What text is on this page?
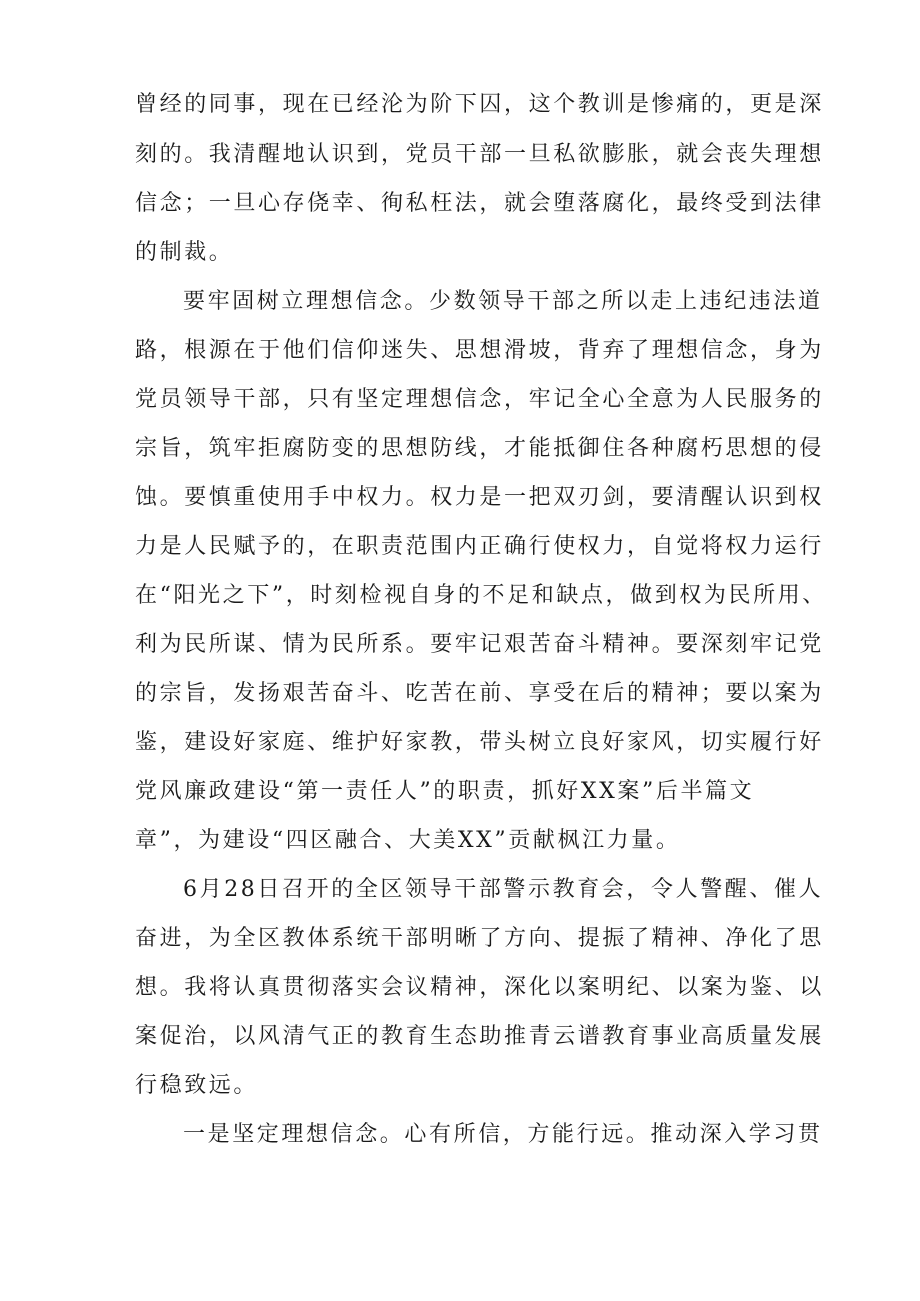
曾经的同事，现在已经沦为阶下囚，这个教训是惨痛的，更是深
刻的。我清醒地认识到，党员干部一旦私欲膨胀，就会丧失理想
信念；一旦心存侥幸、徇私枉法，就会堕落腐化，最终受到法律
的制裁。
要牢固树立理想信念。少数领导干部之所以走上违纪违法道
路，根源在于他们信仰迷失、思想滑坡，背弃了理想信念，身为
党员领导干部，只有坚定理想信念，牢记全心全意为人民服务的
宗旨，筑牢拒腐防变的思想防线，才能抵御住各种腐朽思想的侵
蚀。要慎重使用手中权力。权力是一把双刃剑，要清醒认识到权
力是人民赋予的，在职责范围内正确行使权力，自觉将权力运行
在“阳光之下”，时刻检视自身的不足和缺点，做到权为民所用、
利为民所谋、情为民所系。要牢记艰苦奋斗精神。要深刻牢记党
的宗旨，发扬艰苦奋斗、吃苦在前、享受在后的精神；要以案为
鉴，建设好家庭、维护好家教，带头树立良好家风，切实履行好
党风廉政建设“第一责任人”的职责，抓好XX案”后半篇文
章”，为建设“四区融合、大美XX”贡献枫江力量。
6月28日召开的全区领导干部警示教育会，令人警醒、催人
奋进，为全区教体系统干部明晰了方向、提振了精神、净化了思
想。我将认真贯彻落实会议精神，深化以案明纪、以案为鉴、以
案促治，以风清气正的教育生态助推青云谱教育事业高质量发展
行稳致远。
一是坚定理想信念。心有所信，方能行远。推动深入学习贯
